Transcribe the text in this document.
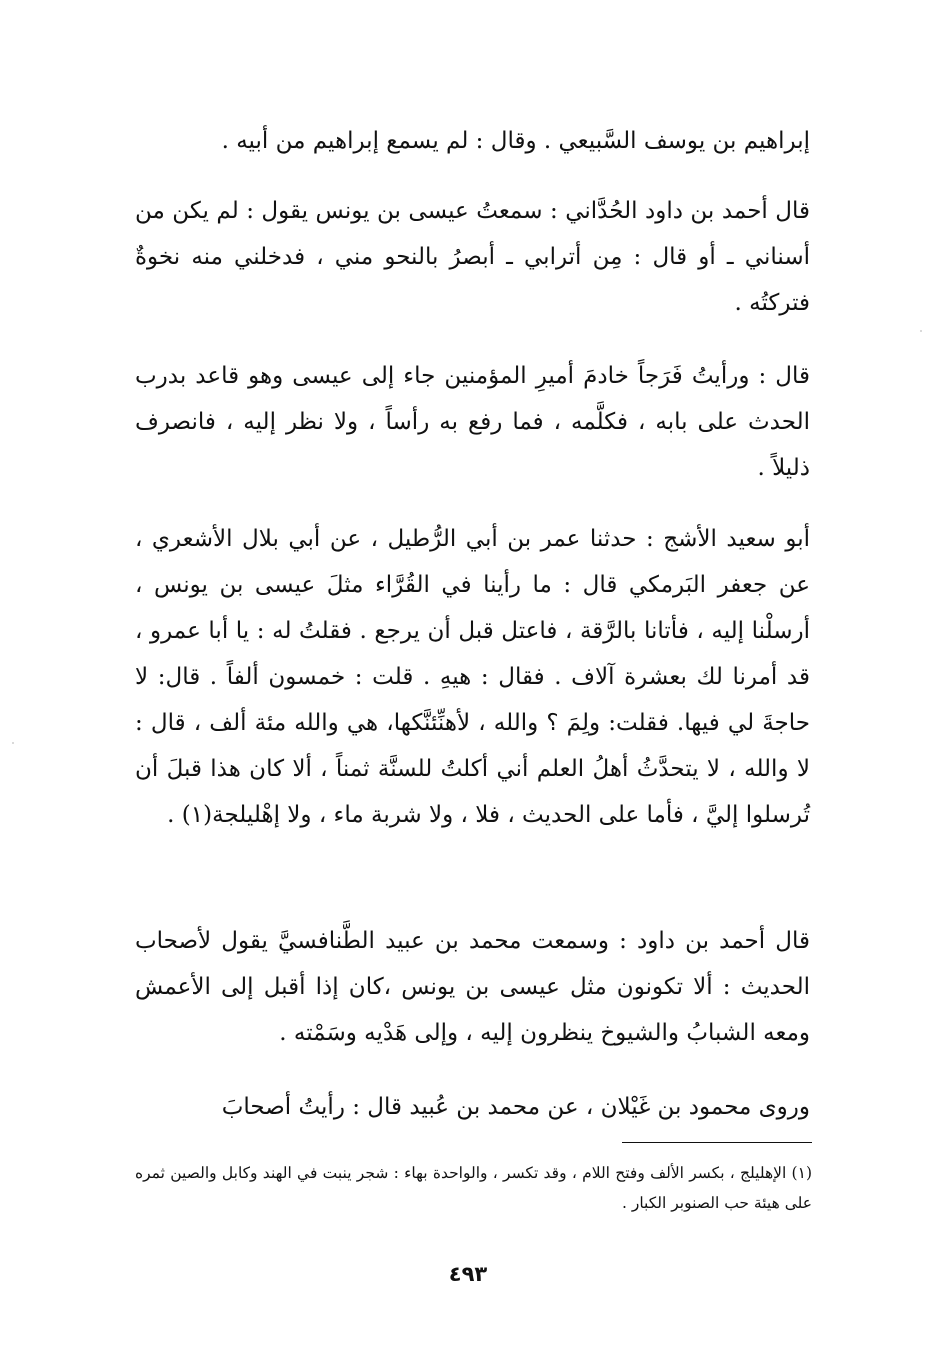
إبراهيم بن يوسف السَّبيعي . وقال : لم يسمع إبراهيم من أبيه .

قال أحمد بن داود الحُدَّاني : سمعتُ عيسى بن يونس يقول : لم يكن من أسناني ـ أو قال : مِن أترابي ـ أبصرُ بالنحو مني ، فدخلني منه نخوةٌ فتركتُه .

قال : ورأيتُ فَرَجاً خادمَ أميرِ المؤمنين جاء إلى عيسى وهو قاعد بدرب الحدث على بابه ، فكلَّمه ، فما رفع به رأساً ، ولا نظر إليه ، فانصرف ذليلاً .

أبو سعيد الأشج : حدثنا عمر بن أبي الرُّطيل ، عن أبي بلال الأشعري ، عن جعفر البَرمكي قال : ما رأينا في القُرَّاء مثلَ عيسى بن يونس ، أرسلْنا إليه ، فأتانا بالرَّقة ، فاعتل قبل أن يرجع . فقلتُ له : يا أبا عمرو ، قد أمرنا لك بعشرة آلاف . فقال : هيهِ . قلت : خمسون ألفاً . قال: لا حاجةَ لي فيها. فقلت: ولِمَ ؟ والله ، لأهنِّئنَّكها، هي والله مئة ألف ، قال : لا والله ، لا يتحدَّثُ أهلُ العلم أني أكلتُ للسنَّة ثمناً ، ألا كان هذا قبلَ أن تُرسلوا إليَّ ، فأما على الحديث ، فلا ، ولا شربة ماء ، ولا إهْليلجة(١) .

قال أحمد بن داود : وسمعت محمد بن عبيد الطَّنافسيَّ يقول لأصحاب الحديث : ألا تكونون مثل عيسى بن يونس ،كان إذا أقبل إلى الأعمش ومعه الشبابُ والشيوخ ينظرون إليه ، وإلى هَدْيه وسَمْته .

وروى محمود بن غَيْلان ، عن محمد بن عُبيد قال : رأيتُ أصحابَ

(١) الإهليلج ، بكسر الألف وفتح اللام ، وقد تكسر ، والواحدة بهاء : شجر ينبت في الهند وكابل والصين ثمره على هيئة حب الصنوبر الكبار .

٤٩٣
